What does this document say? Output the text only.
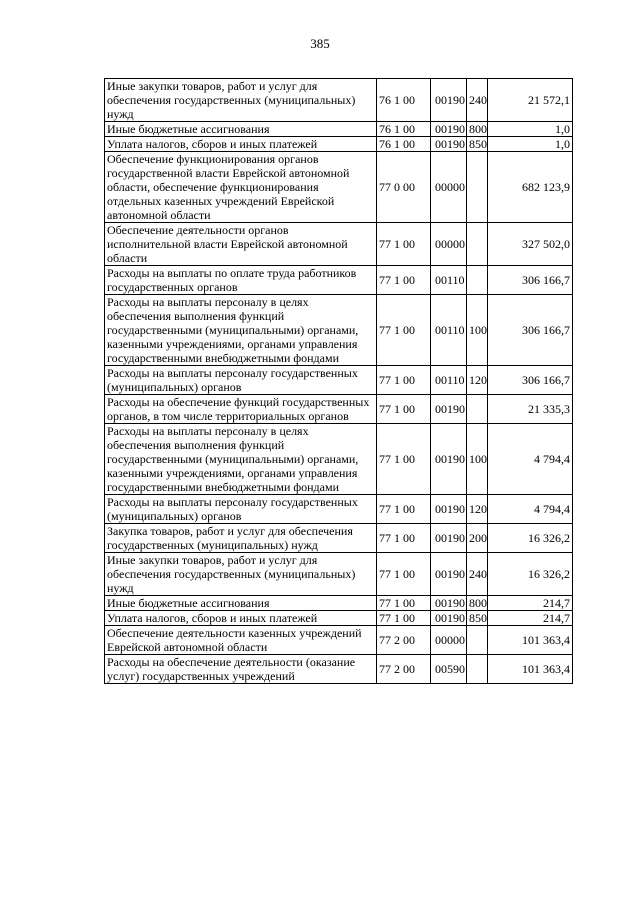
385
Иные закупки товаров, работ и услуг для обеспечения государственных (муниципальных) нужд	76 1 00	00190	240	21 572,1
Иные бюджетные ассигнования	76 1 00	00190	800	1,0
Уплата налогов, сборов и иных платежей	76 1 00	00190	850	1,0
Обеспечение функционирования органов государственной власти Еврейской автономной области, обеспечение функционирования отдельных казенных учреждений Еврейской автономной области	77 0 00	00000		682 123,9
Обеспечение деятельности органов исполнительной власти Еврейской автономной области	77 1 00	00000		327 502,0
Расходы на выплаты по оплате труда работников государственных органов	77 1 00	00110		306 166,7
Расходы на выплаты персоналу в целях обеспечения выполнения функций государственными (муниципальными) органами, казенными учреждениями, органами управления государственными внебюджетными фондами	77 1 00	00110	100	306 166,7
Расходы на выплаты персоналу государственных (муниципальных) органов	77 1 00	00110	120	306 166,7
Расходы на обеспечение функций государственных органов, в том числе территориальных органов	77 1 00	00190		21 335,3
Расходы на выплаты персоналу в целях обеспечения выполнения функций государственными (муниципальными) органами, казенными учреждениями, органами управления государственными внебюджетными фондами	77 1 00	00190	100	4 794,4
Расходы на выплаты персоналу государственных (муниципальных) органов	77 1 00	00190	120	4 794,4
Закупка товаров, работ и услуг для обеспечения государственных (муниципальных) нужд	77 1 00	00190	200	16 326,2
Иные закупки товаров, работ и услуг для обеспечения государственных (муниципальных) нужд	77 1 00	00190	240	16 326,2
Иные бюджетные ассигнования	77 1 00	00190	800	214,7
Уплата налогов, сборов и иных платежей	77 1 00	00190	850	214,7
Обеспечение деятельности казенных учреждений Еврейской автономной области	77 2 00	00000		101 363,4
Расходы на обеспечение деятельности (оказание услуг) государственных учреждений	77 2 00	00590		101 363,4
